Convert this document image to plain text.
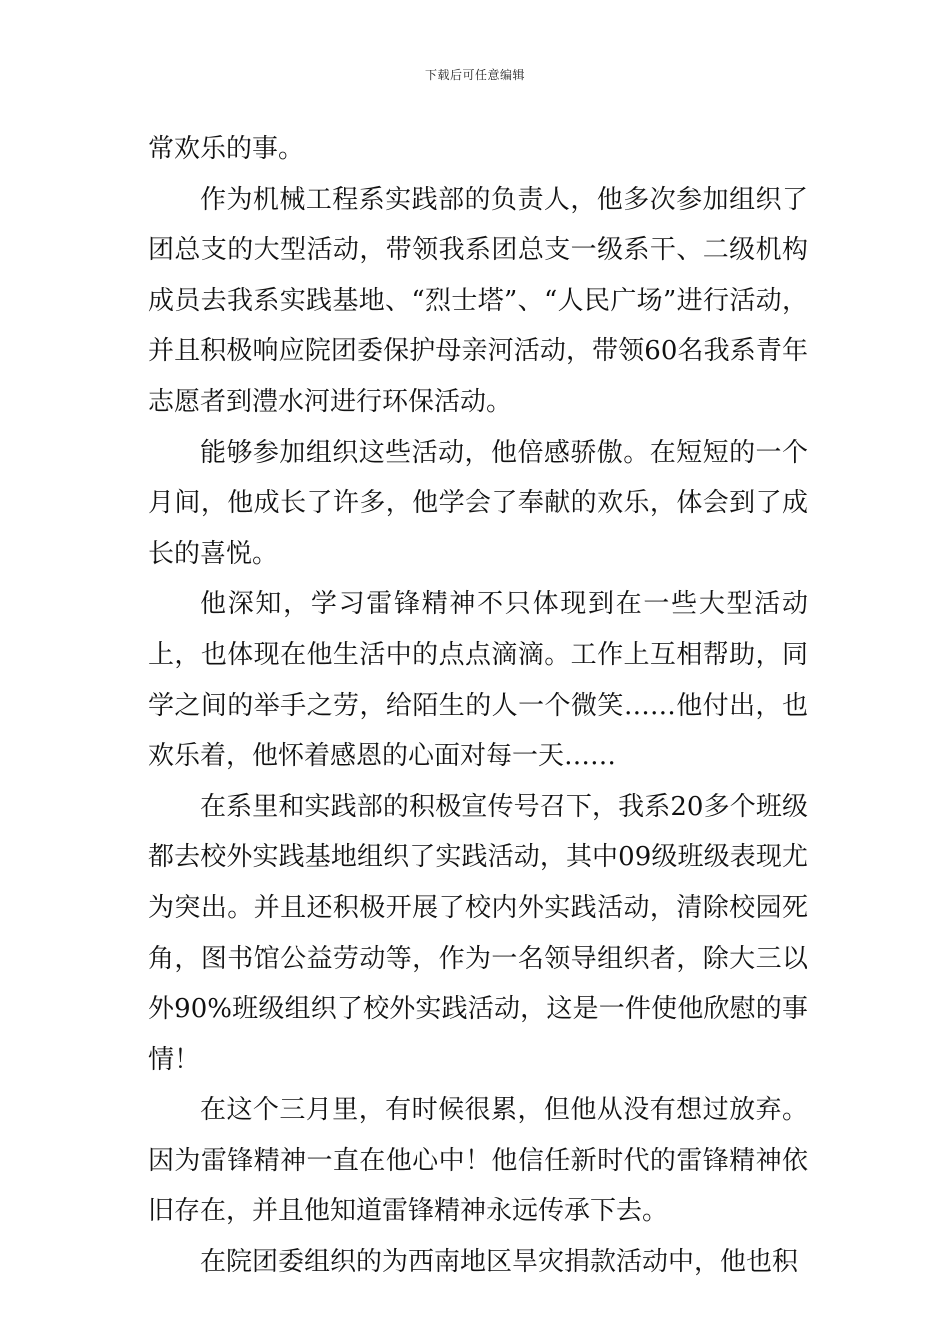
下载后可任意编辑

常欢乐的事。

作为机械工程系实践部的负责人，他多次参加组织了团总支的大型活动，带领我系团总支一级系干、二级机构成员去我系实践基地、“烈士塔”、“人民广场”进行活动，并且积极响应院团委保护母亲河活动，带领60名我系青年志愿者到澧水河进行环保活动。

能够参加组织这些活动，他倍感骄傲。在短短的一个月间，他成长了许多，他学会了奉献的欢乐，体会到了成长的喜悦。

他深知，学习雷锋精神不只体现到在一些大型活动上，也体现在他生活中的点点滴滴。工作上互相帮助，同学之间的举手之劳，给陌生的人一个微笑……他付出，也欢乐着，他怀着感恩的心面对每一天……

在系里和实践部的积极宣传号召下，我系20多个班级都去校外实践基地组织了实践活动，其中09级班级表现尤为突出。并且还积极开展了校内外实践活动，清除校园死角，图书馆公益劳动等，作为一名领导组织者，除大三以外90%班级组织了校外实践活动，这是一件使他欣慰的事情！

在这个三月里，有时候很累，但他从没有想过放弃。因为雷锋精神一直在他心中！他信任新时代的雷锋精神依旧存在，并且他知道雷锋精神永远传承下去。

在院团委组织的为西南地区旱灾捐款活动中，他也积
